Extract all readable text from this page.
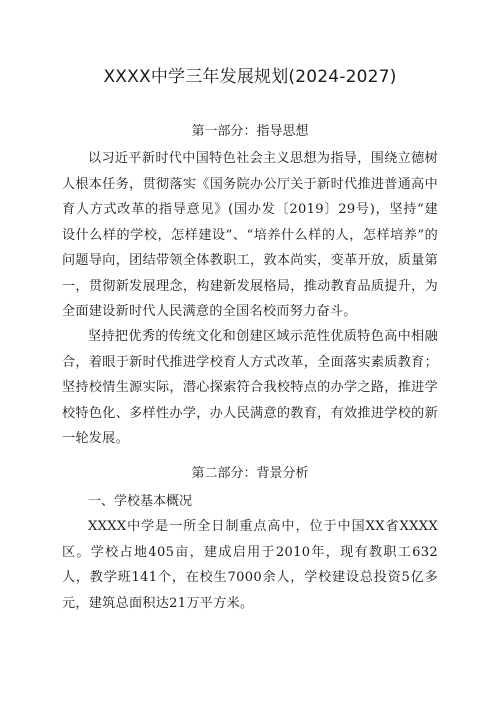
XXXX中学三年发展规划(2024-2027)
第一部分：指导思想

以习近平新时代中国特色社会主义思想为指导，围绕立德树人根本任务，贯彻落实《国务院办公厅关于新时代推进普通高中育人方式改革的指导意见》(国办发〔2019〕29号)，坚持“建设什么样的学校，怎样建设”、“培养什么样的人，怎样培养”的问题导向，团结带领全体教职工，敦本尚实，变革开放，质量第一，贯彻新发展理念，构建新发展格局，推动教育品质提升，为全面建设新时代人民满意的全国名校而努力奋斗。

坚持把优秀的传统文化和创建区域示范性优质特色高中相融合，着眼于新时代推进学校育人方式改革，全面落实素质教育；坚持校情生源实际，潜心探索符合我校特点的办学之路，推进学校特色化、多样性办学，办人民满意的教育，有效推进学校的新一轮发展。

第二部分：背景分析
一、学校基本概况

XXXX中学是一所全日制重点高中，位于中国XX省XXXX区。学校占地405亩，建成启用于2010年，现有教职工632人，教学班141个，在校生7000余人，学校建设总投资5亿多元，建筑总面积达21万平方米。
